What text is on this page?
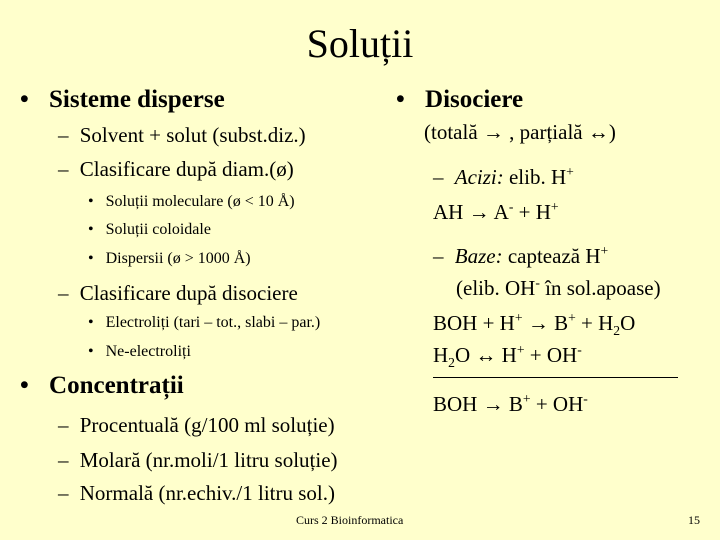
Soluții
• Sisteme disperse
– Solvent + solut (subst.diz.)
– Clasificare după diam.(ø)
• Soluții moleculare (ø < 10 Å)
• Soluții coloidale
• Dispersii (ø > 1000 Å)
– Clasificare după disociere
• Electroliți (tari – tot., slabi – par.)
• Ne-electroliți
• Concentrații
– Procentuală (g/100 ml soluție)
– Molară (nr.moli/1 litru soluție)
– Normală (nr.echiv./1 litru sol.)
• Disociere
(totală → , parțială ↔)
– Acizi: elib. H+
AH → A- + H+
– Baze: captează H+
(elib. OH- în sol.apoase)
BOH + $H^+ \to B^+ + H_2O$
$H_2O$ ↔ H+ + OH-
BOH → B+ + OH-
Curs 2 Bioinformatica	15
